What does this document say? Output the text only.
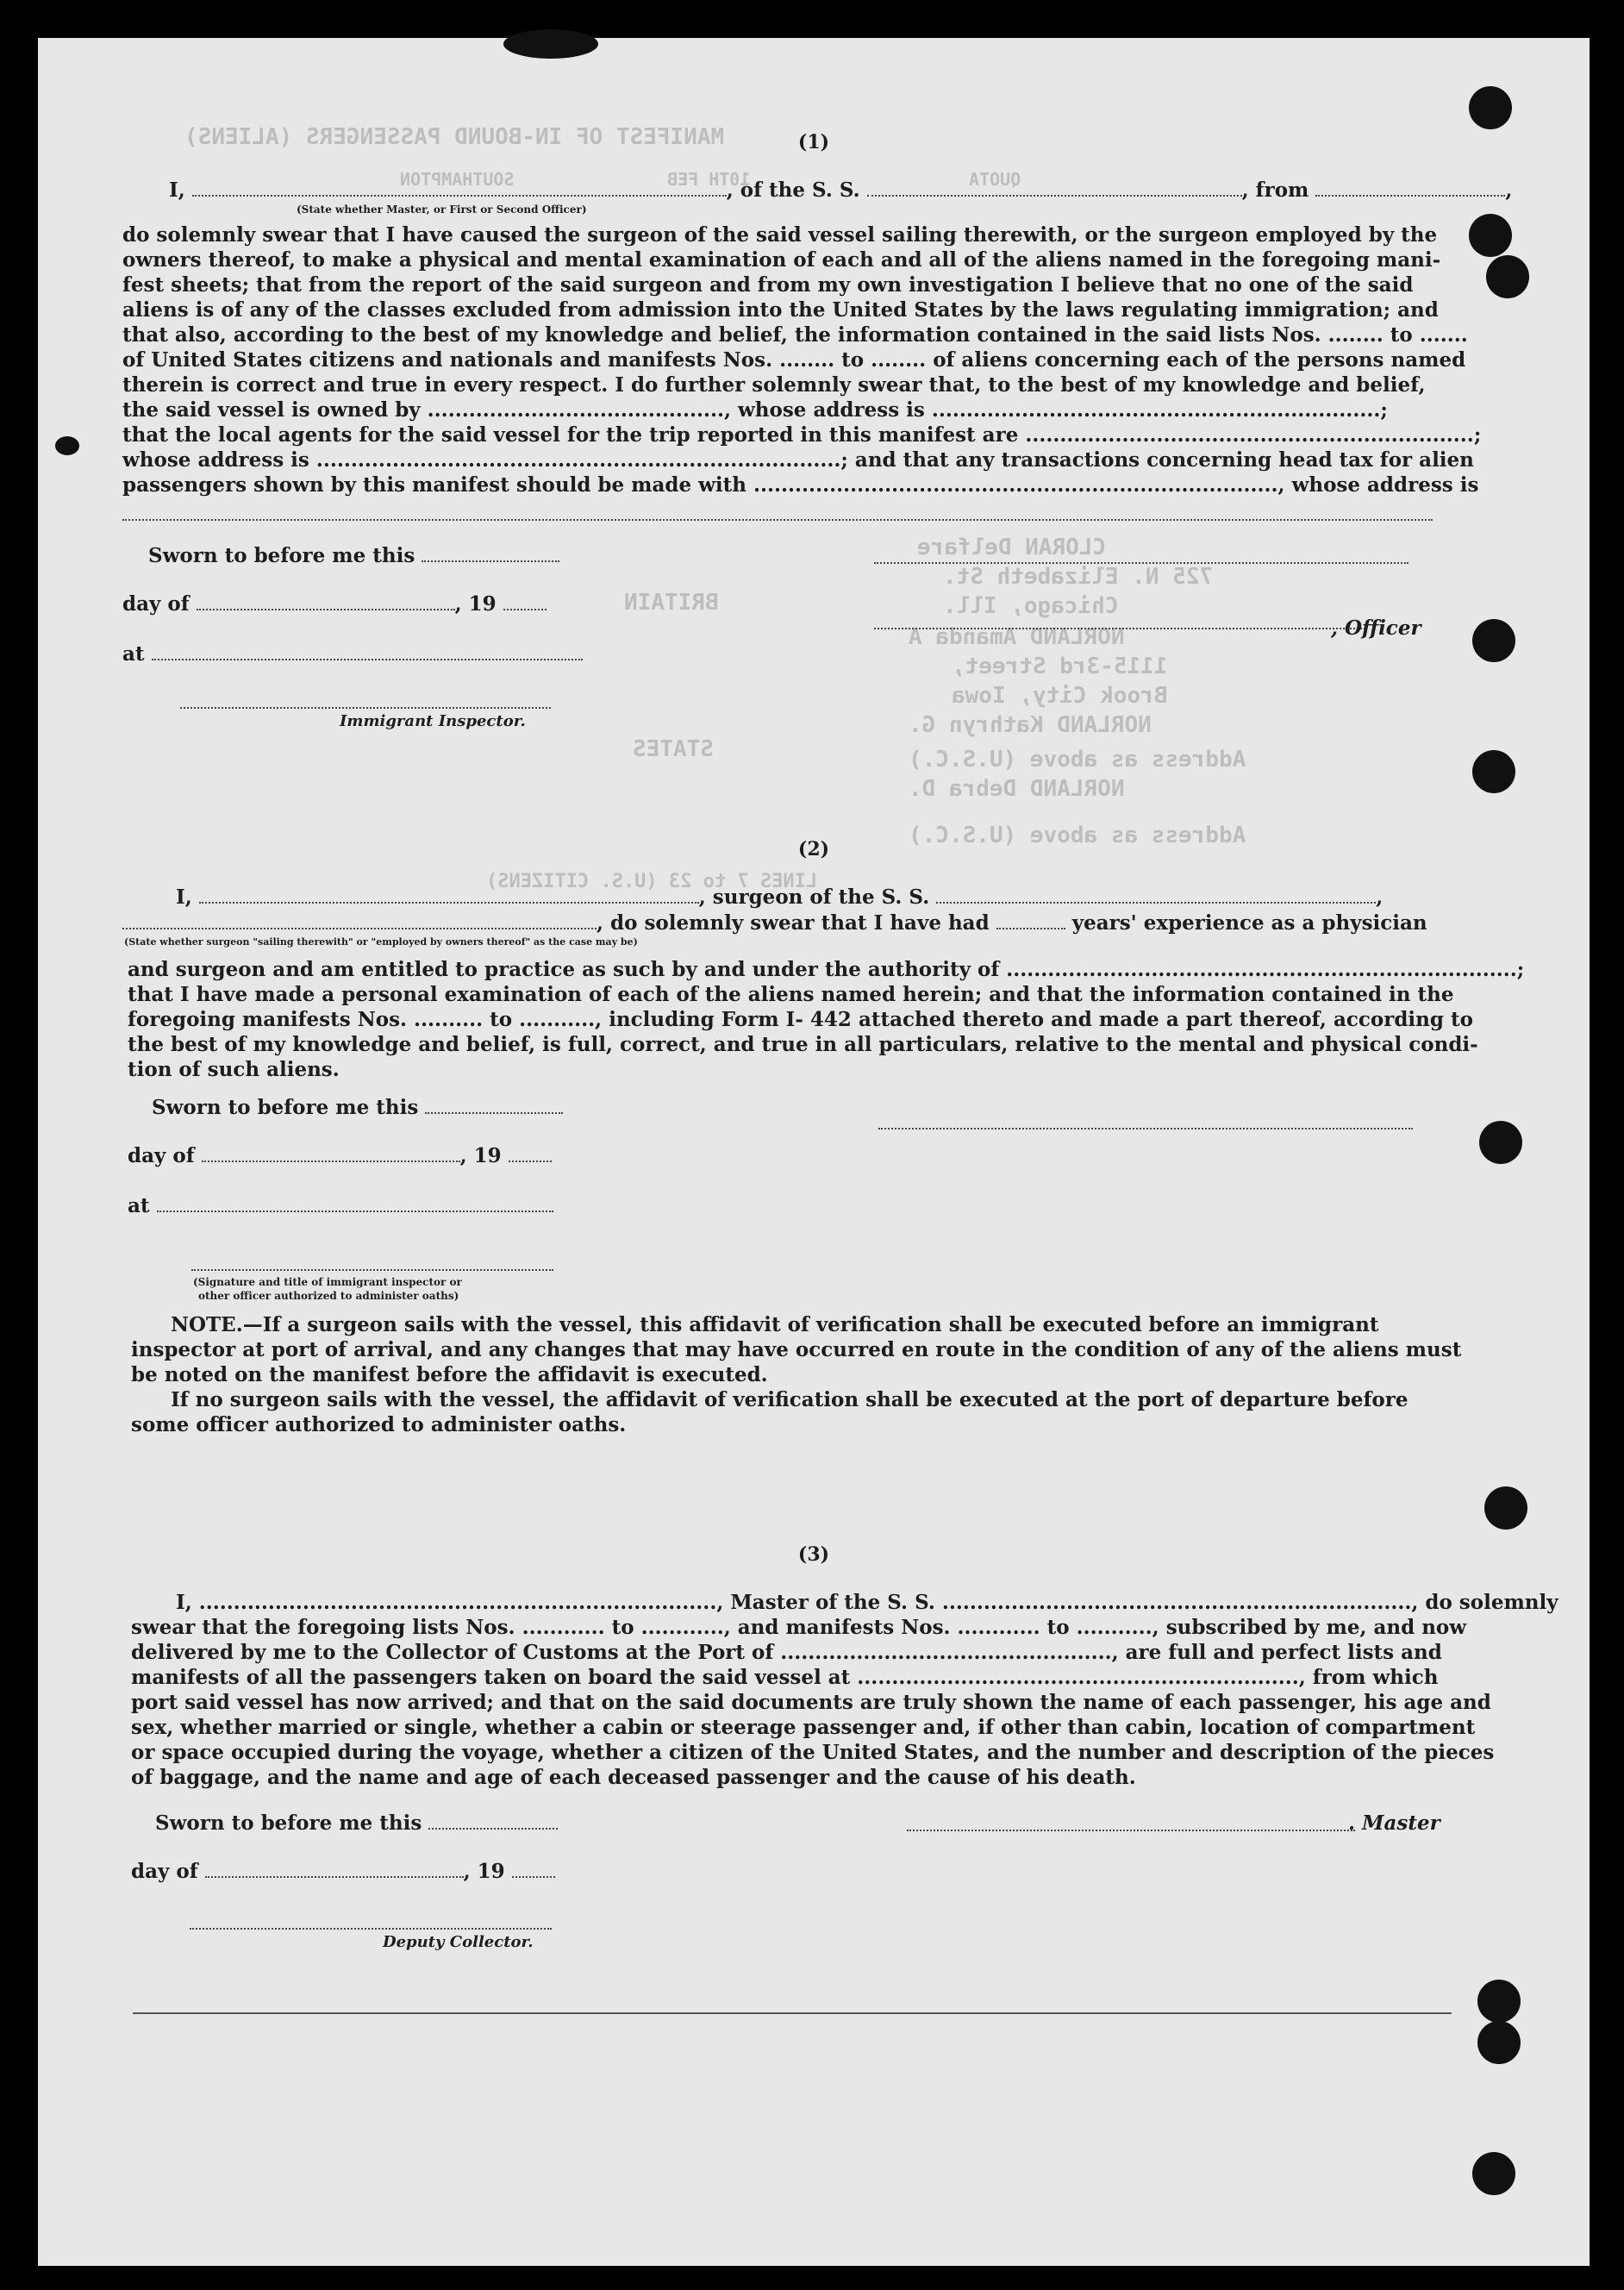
MANIFEST OF IN-BOUND PASSENGERS (ALIENS)
SOUTHAMPTON	10TH FEB	QUOTA
CLORAN Delfare
725 N. Elizabeth St.
Chicago, Ill.
NORLAND Amanda A
1115-3rd Street,
Brook City, Iowa
NORLAND Kathryn G.
Address as above (U.S.C.)
NORLAND Debra D.
Address as above (U.S.C.)
BRITAIN
STATES
LINES 7 to 23 (U.S. CITIZENS)
(1)
I,	, of the S. S.	, from	,
(State whether Master, or First or Second Officer)
do solemnly swear that I have caused the surgeon of the said vessel sailing therewith, or the surgeon employed by the
owners thereof, to make a physical and mental examination of each and all of the aliens named in the foregoing mani-
fest sheets; that from the report of the said surgeon and from my own investigation I believe that no one of the said
aliens is of any of the classes excluded from admission into the United States by the laws regulating immigration; and
that also, according to the best of my knowledge and belief, the information contained in the said lists Nos. ........ to .......
of United States citizens and nationals and manifests Nos. ........ to ........ of aliens concerning each of the persons named
therein is correct and true in every respect. I do further solemnly swear that, to the best of my knowledge and belief,
the said vessel is owned by ..........................................., whose address is .................................................................;
that the local agents for the said vessel for the trip reported in this manifest are .................................................................;
whose address is ............................................................................; and that any transactions concerning head tax for alien
passengers shown by this manifest should be made with ............................................................................, whose address is
Sworn to before me this
day of	, 19
, Officer
at
Immigrant Inspector.
(2)
I,	, surgeon of the S. S.	,
, do solemnly swear that I have had	years' experience as a physician
(State whether surgeon "sailing therewith" or "employed by owners thereof" as the case may be)
and surgeon and am entitled to practice as such by and under the authority of ..........................................................................;
that I have made a personal examination of each of the aliens named herein; and that the information contained in the
foregoing manifests Nos. .......... to ..........., including Form I- 442 attached thereto and made a part thereof, according to
the best of my knowledge and belief, is full, correct, and true in all particulars, relative to the mental and physical condi-
tion of such aliens.
Sworn to before me this
day of	, 19
at
(Signature and title of immigrant inspector or
other officer authorized to administer oaths)
NOTE.—If a surgeon sails with the vessel, this affidavit of verification shall be executed before an immigrant
inspector at port of arrival, and any changes that may have occurred en route in the condition of any of the aliens must
be noted on the manifest before the affidavit is executed.
If no surgeon sails with the vessel, the affidavit of verification shall be executed at the port of departure before
some officer authorized to administer oaths.
(3)
I, ..........................................................................., Master of the S. S. ...................................................................., do solemnly
swear that the foregoing lists Nos. ............ to ............, and manifests Nos. ............ to ..........., subscribed by me, and now
delivered by me to the Collector of Customs at the Port of ................................................, are full and perfect lists and
manifests of all the passengers taken on board the said vessel at ................................................................, from which
port said vessel has now arrived; and that on the said documents are truly shown the name of each passenger, his age and
sex, whether married or single, whether a cabin or steerage passenger and, if other than cabin, location of compartment
or space occupied during the voyage, whether a citizen of the United States, and the number and description of the pieces
of baggage, and the name and age of each deceased passenger and the cause of his death.
Sworn to before me this	. Master
day of	, 19
Deputy Collector.
